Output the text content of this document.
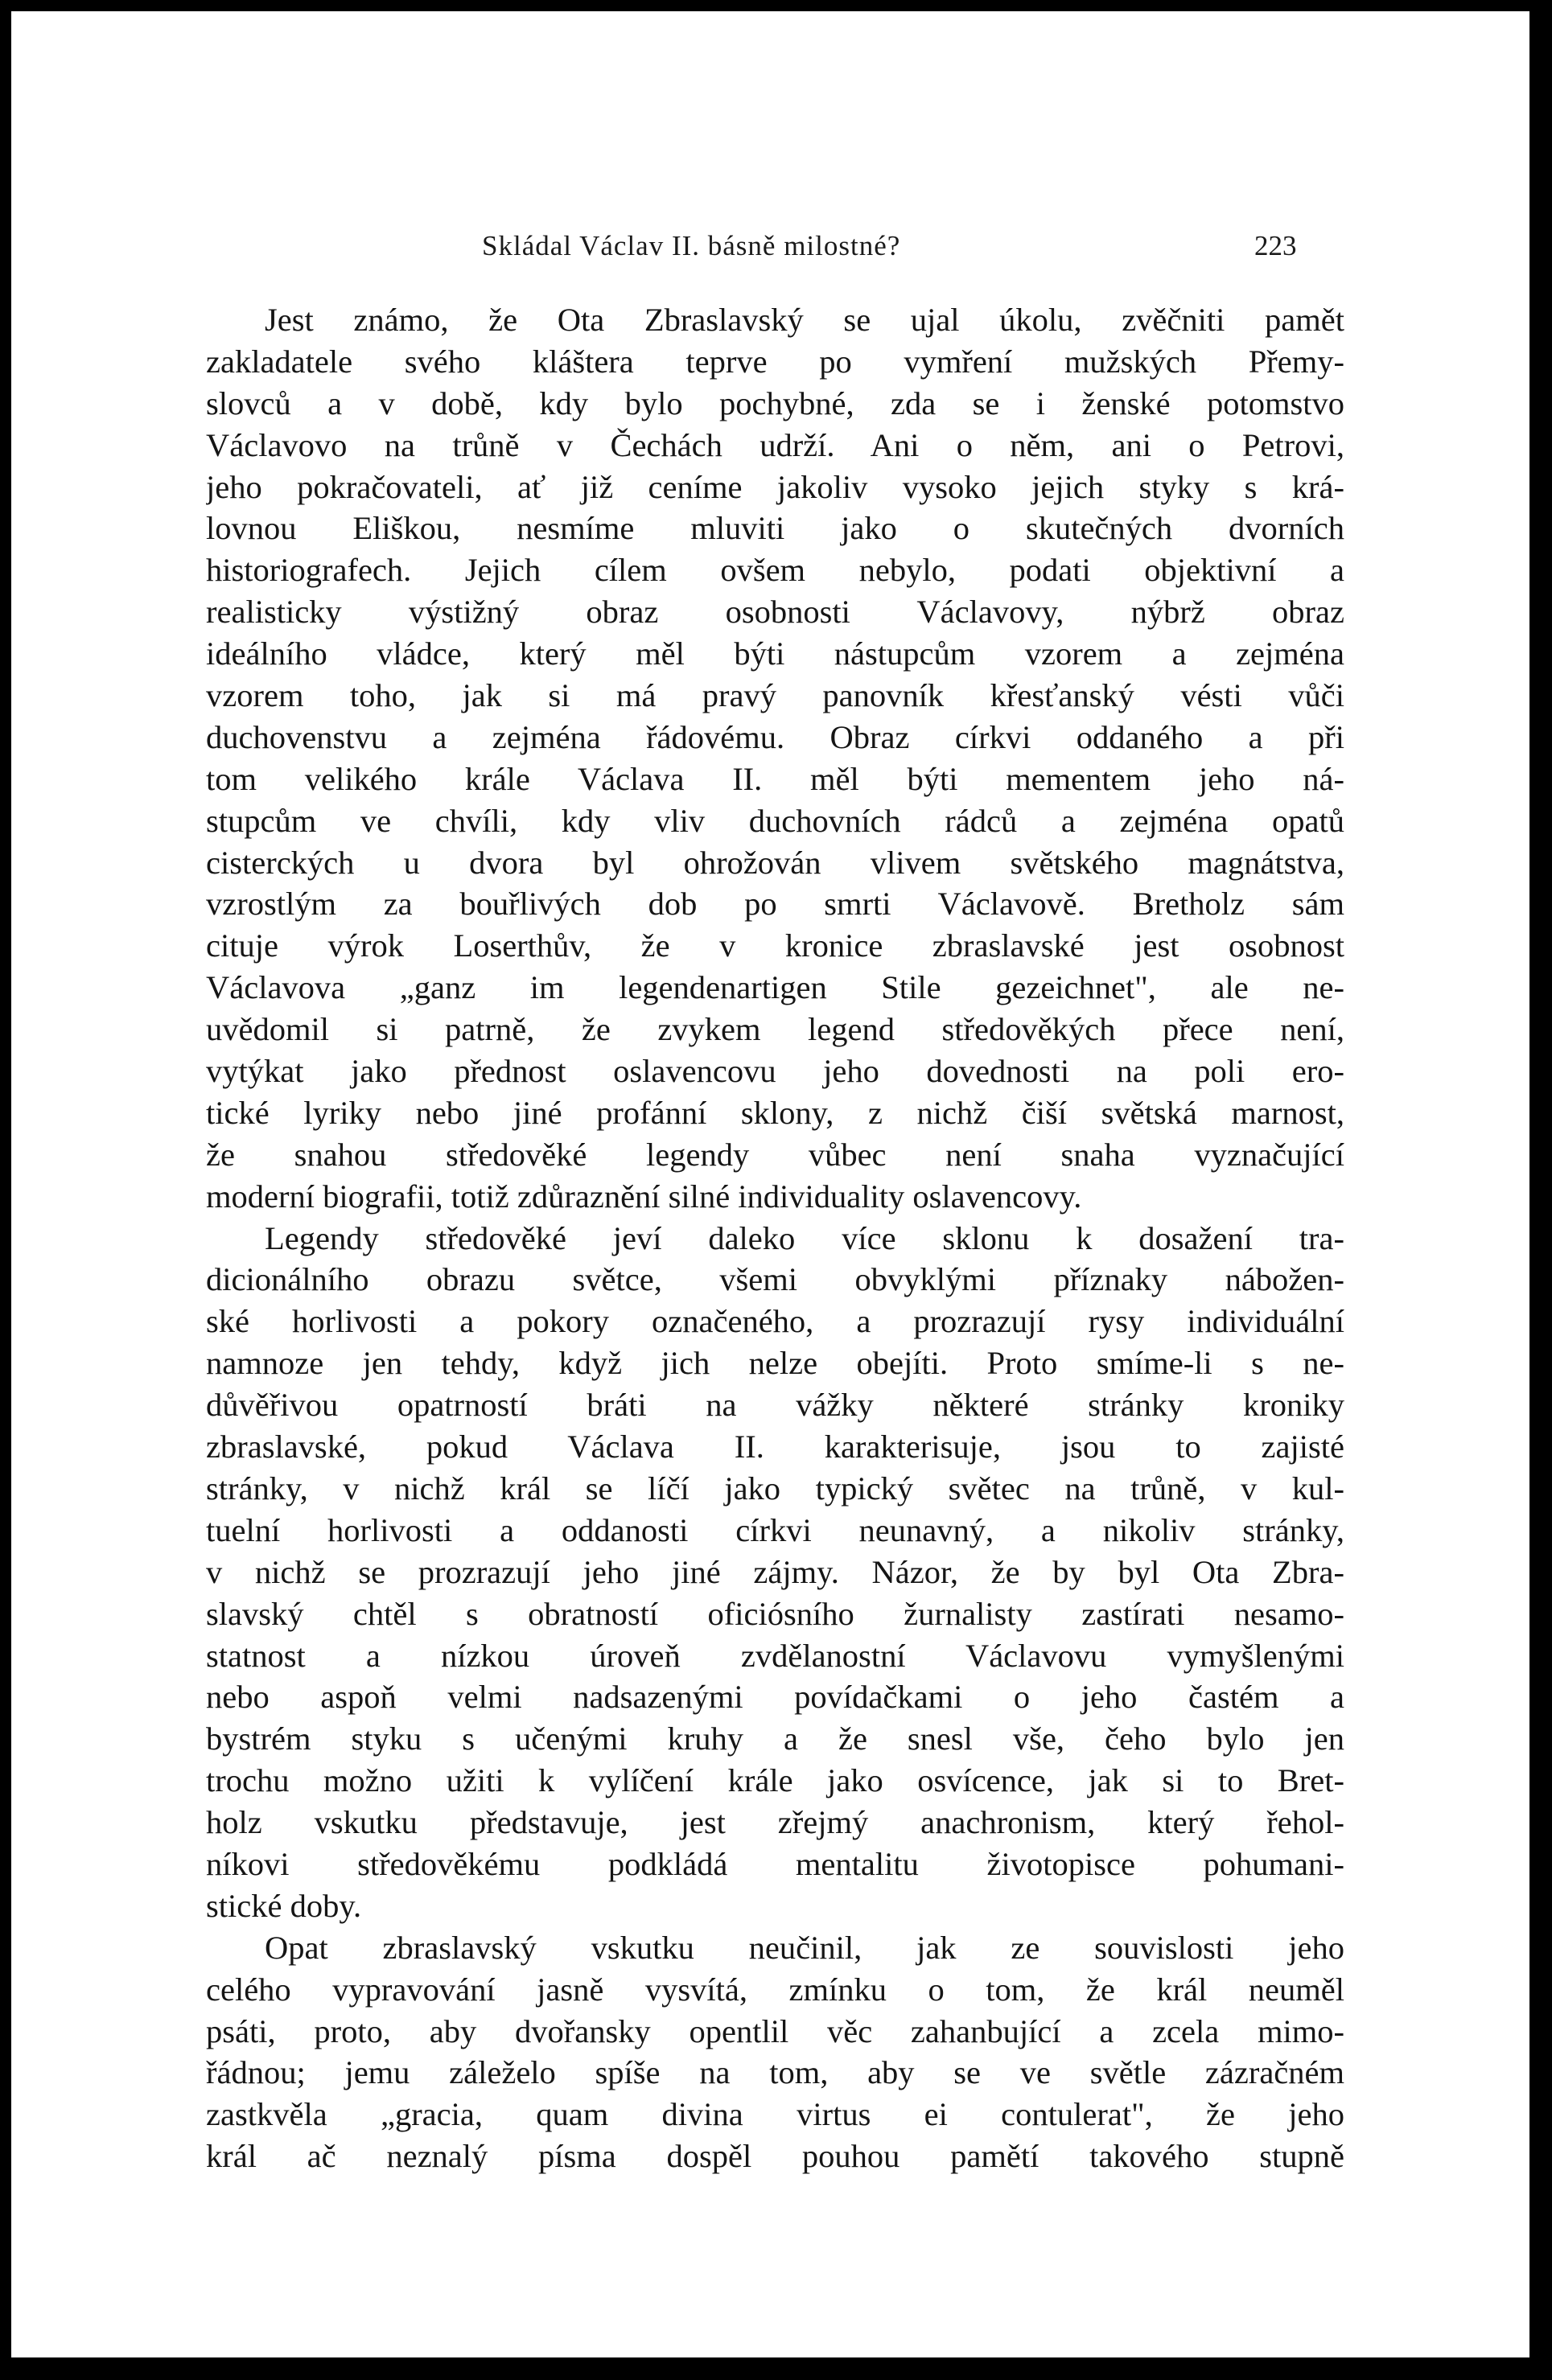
Skládal Václav II. básně milostné?	223
Jest známo, že Ota Zbraslavský se ujal úkolu, zvěčniti pamět
zakladatele svého kláštera teprve po vymření mužských Přemy-
slovců a v době, kdy bylo pochybné, zda se i ženské potomstvo
Václavovo na trůně v Čechách udrží. Ani o něm, ani o Petrovi,
jeho pokračovateli, ať již ceníme jakoliv vysoko jejich styky s krá-
lovnou Eliškou, nesmíme mluviti jako o skutečných dvorních
historiografech. Jejich cílem ovšem nebylo, podati objektivní a
realisticky výstižný obraz osobnosti Václavovy, nýbrž obraz
ideálního vládce, který měl býti nástupcům vzorem a zejména
vzorem toho, jak si má pravý panovník křesťanský vésti vůči
duchovenstvu a zejména řádovému. Obraz církvi oddaného a při
tom velikého krále Václava II. měl býti mementem jeho ná-
stupcům ve chvíli, kdy vliv duchovních rádců a zejména opatů
cisterckých u dvora byl ohrožován vlivem světského magnátstva,
vzrostlým za bouřlivých dob po smrti Václavově. Bretholz sám
cituje výrok Loserthův, že v kronice zbraslavské jest osobnost
Václavova „ganz im legendenartigen Stile gezeichnet", ale ne-
uvědomil si patrně, že zvykem legend středověkých přece není,
vytýkat jako přednost oslavencovu jeho dovednosti na poli ero-
tické lyriky nebo jiné profánní sklony, z nichž čiší světská marnost,
že snahou středověké legendy vůbec není snaha vyznačující
moderní biografii, totiž zdůraznění silné individuality oslavencovy.
Legendy středověké jeví daleko více sklonu k dosažení tra-
dicionálního obrazu světce, všemi obvyklými příznaky nábožen-
ské horlivosti a pokory označeného, a prozrazují rysy individuální
namnoze jen tehdy, když jich nelze obejíti. Proto smíme-li s ne-
důvěřivou opatrností bráti na vážky některé stránky kroniky
zbraslavské, pokud Václava II. karakterisuje, jsou to zajisté
stránky, v nichž král se líčí jako typický světec na trůně, v kul-
tuelní horlivosti a oddanosti církvi neunavný, a nikoliv stránky,
v nichž se prozrazují jeho jiné zájmy. Názor, že by byl Ota Zbra-
slavský chtěl s obratností oficiósního žurnalisty zastírati nesamo-
statnost a nízkou úroveň zvdělanostní Václavovu vymyšlenými
nebo aspoň velmi nadsazenými povídačkami o jeho častém a
bystrém styku s učenými kruhy a že snesl vše, čeho bylo jen
trochu možno užiti k vylíčení krále jako osvícence, jak si to Bret-
holz vskutku představuje, jest zřejmý anachronism, který řehol-
níkovi středověkému podkládá mentalitu životopisce pohumani-
stické doby.
Opat zbraslavský vskutku neučinil, jak ze souvislosti jeho
celého vypravování jasně vysvítá, zmínku o tom, že král neuměl
psáti, proto, aby dvořansky opentlil věc zahanbující a zcela mimo-
řádnou; jemu záleželo spíše na tom, aby se ve světle zázračném
zastkvěla „gracia, quam divina virtus ei contulerat", že jeho
král ač neznalý písma dospěl pouhou pamětí takového stupně
